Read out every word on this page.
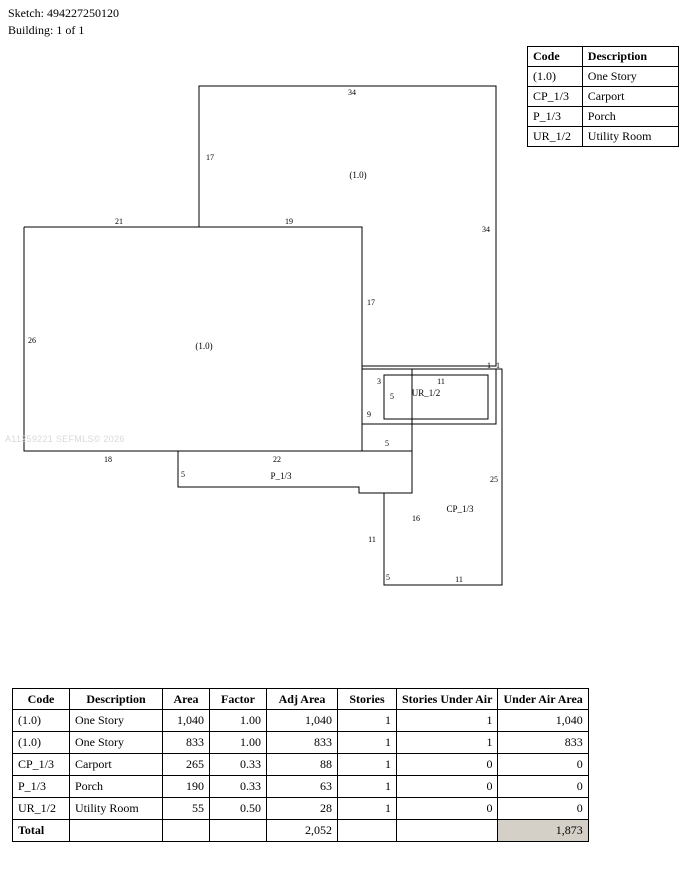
Sketch: 494227250120
Building: 1 of 1
Code	Description
(1.0)	One Story
CP_1/3	Carport
P_1/3	Porch
UR_1/2	Utility Room
(1.0)
(1.0)
UR_1/2
P_1/3
CP_1/3
34
17
21	19
34
26
17
3	11
5
1 1
9
5
18	22
5
25
16
11
5	11
A11259221 SEFMLS© 2026
Code	Description	Area	Factor	Adj Area	Stories	Stories Under Air	Under Air Area
(1.0)	One Story	1,040	1.00	1,040	1	1	1,040
(1.0)	One Story	833	1.00	833	1	1	833
CP_1/3	Carport	265	0.33	88	1	0	0
P_1/3	Porch	190	0.33	63	1	0	0
UR_1/2	Utility Room	55	0.50	28	1	0	0
Total				2,052			1,873
